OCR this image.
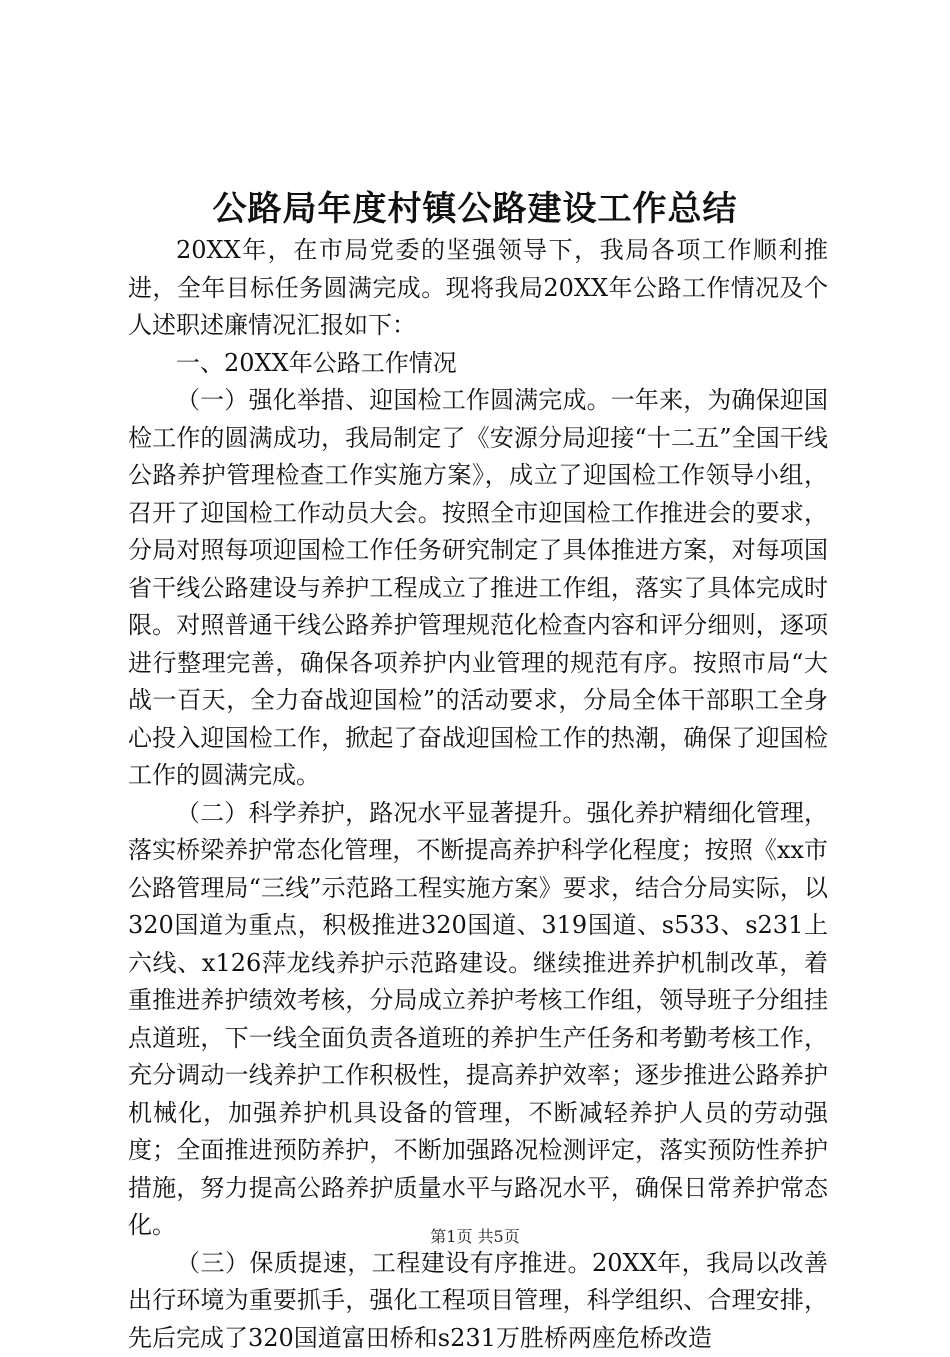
公路局年度村镇公路建设工作总结

20XX年，在市局党委的坚强领导下，我局各项工作顺利推进，全年目标任务圆满完成。现将我局20XX年公路工作情况及个人述职述廉情况汇报如下：

一、20XX年公路工作情况

（一）强化举措、迎国检工作圆满完成。一年来，为确保迎国检工作的圆满成功，我局制定了《安源分局迎接“十二五”全国干线公路养护管理检查工作实施方案》，成立了迎国检工作领导小组，召开了迎国检工作动员大会。按照全市迎国检工作推进会的要求，分局对照每项迎国检工作任务研究制定了具体推进方案，对每项国省干线公路建设与养护工程成立了推进工作组，落实了具体完成时限。对照普通干线公路养护管理规范化检查内容和评分细则，逐项进行整理完善，确保各项养护内业管理的规范有序。按照市局“大战一百天，全力奋战迎国检”的活动要求，分局全体干部职工全身心投入迎国检工作，掀起了奋战迎国检工作的热潮，确保了迎国检工作的圆满完成。

（二）科学养护，路况水平显著提升。强化养护精细化管理，落实桥梁养护常态化管理，不断提高养护科学化程度；按照《xx市公路管理局“三线”示范路工程实施方案》要求，结合分局实际，以320国道为重点，积极推进320国道、319国道、s533、s231上六线、x126萍龙线养护示范路建设。继续推进养护机制改革，着重推进养护绩效考核，分局成立养护考核工作组，领导班子分组挂点道班，下一线全面负责各道班的养护生产任务和考勤考核工作，充分调动一线养护工作积极性，提高养护效率；逐步推进公路养护机械化，加强养护机具设备的管理，不断减轻养护人员的劳动强度；全面推进预防养护，不断加强路况检测评定，落实预防性养护措施，努力提高公路养护质量水平与路况水平，确保日常养护常态化。

（三）保质提速，工程建设有序推进。20XX年，我局以改善出行环境为重要抓手，强化工程项目管理，科学组织、合理安排，先后完成了320国道富田桥和s231万胜桥两座危桥改造

第1页 共5页
